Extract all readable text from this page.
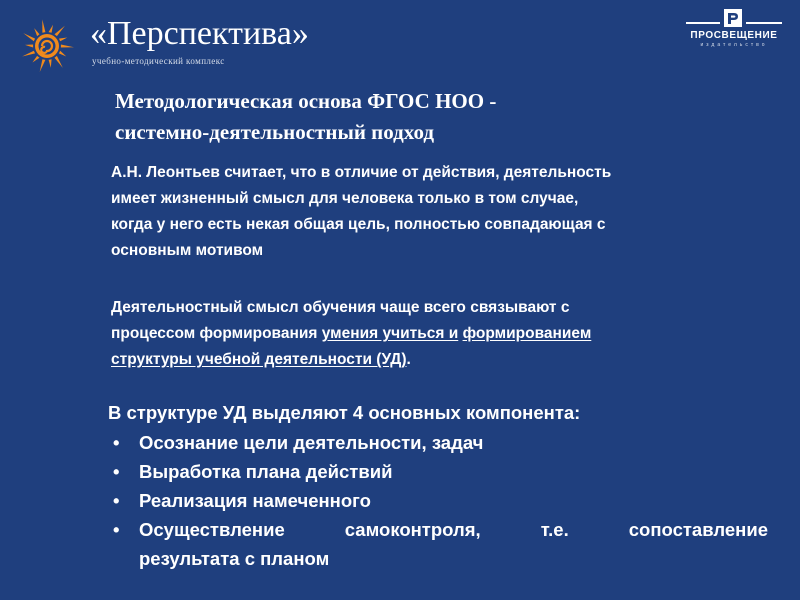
«Перспектива»
учебно-методический комплекс
ПРОСВЕЩЕНИЕ
издательство
Методологическая основа ФГОС НОО -
системно-деятельностный подход
А.Н. Леонтьев считает, что в отличие от действия, деятельность
имеет жизненный смысл для человека только в том случае,
когда у него есть некая общая цель, полностью совпадающая с
основным мотивом
Деятельностный смысл обучения чаще всего связывают с
процессом формирования умения учиться и формированием
структуры учебной деятельности (УД).
В структуре УД выделяют 4 основных компонента:
• Осознание цели деятельности, задач
• Выработка плана действий
• Реализация намеченного
• Осуществление самоконтроля, т.е. сопоставление
результата с планом
